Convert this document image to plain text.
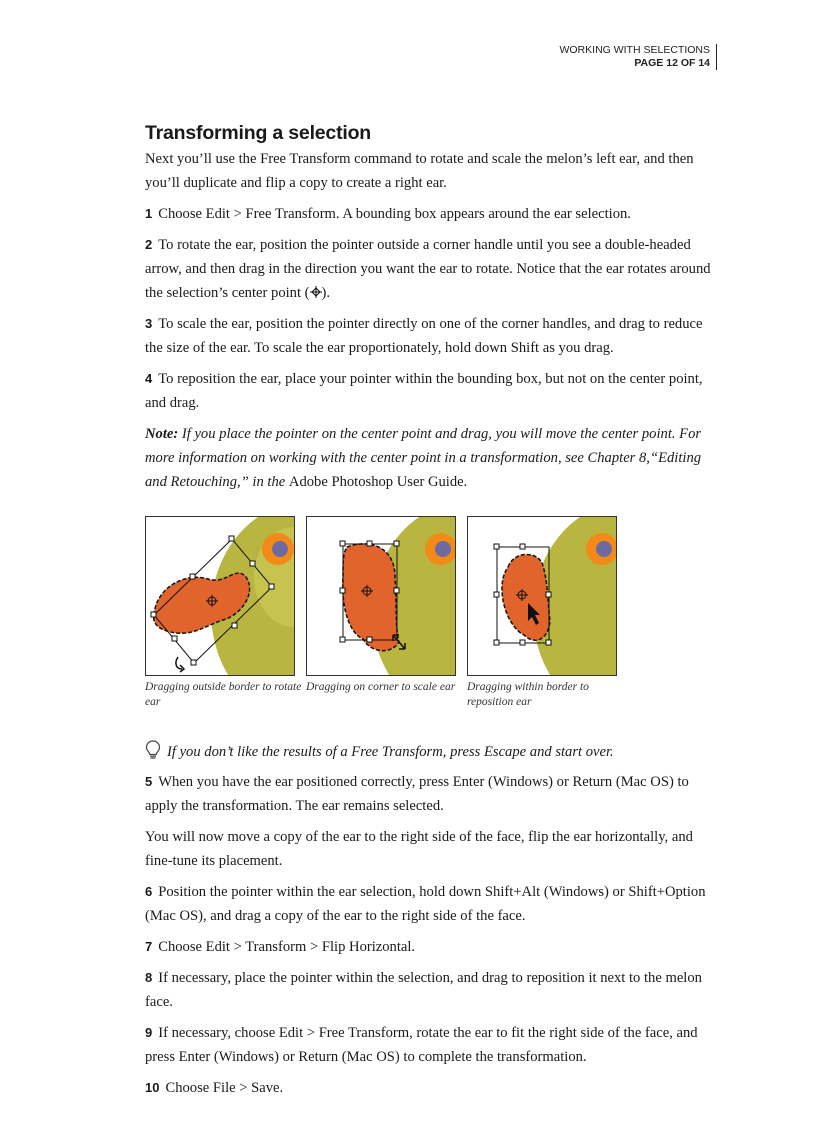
WORKING WITH SELECTIONS
PAGE 12 OF 14
Transforming a selection

Next you’ll use the Free Transform command to rotate and scale the melon’s left ear, and then you’ll duplicate and flip a copy to create a right ear.

1 Choose Edit > Free Transform. A bounding box appears around the ear selection.

2 To rotate the ear, position the pointer outside a corner handle until you see a double-headed arrow, and then drag in the direction you want the ear to rotate. Notice that the ear rotates around the selection’s center point ( ).

3 To scale the ear, position the pointer directly on one of the corner handles, and drag to reduce the size of the ear. To scale the ear proportionately, hold down Shift as you drag.

4 To reposition the ear, place your pointer within the bounding box, but not on the center point, and drag.

Note: If you place the pointer on the center point and drag, you will move the center point. For more information on working with the center point in a transformation, see Chapter 8,“Editing and Retouching,” in the Adobe Photoshop User Guide.

Dragging outside border to rotate ear
Dragging on corner to scale ear	Dragging within border to reposition ear

If you don’t like the results of a Free Transform, press Escape and start over.

5 When you have the ear positioned correctly, press Enter (Windows) or Return (Mac OS) to apply the transformation. The ear remains selected.

You will now move a copy of the ear to the right side of the face, flip the ear horizontally, and fine-tune its placement.

6 Position the pointer within the ear selection, hold down Shift+Alt (Windows) or Shift+Option (Mac OS), and drag a copy of the ear to the right side of the face.

7 Choose Edit > Transform > Flip Horizontal.

8 If necessary, place the pointer within the selection, and drag to reposition it next to the melon face.

9 If necessary, choose Edit > Free Transform, rotate the ear to fit the right side of the face, and press Enter (Windows) or Return (Mac OS) to complete the transformation.

10 Choose File > Save.
